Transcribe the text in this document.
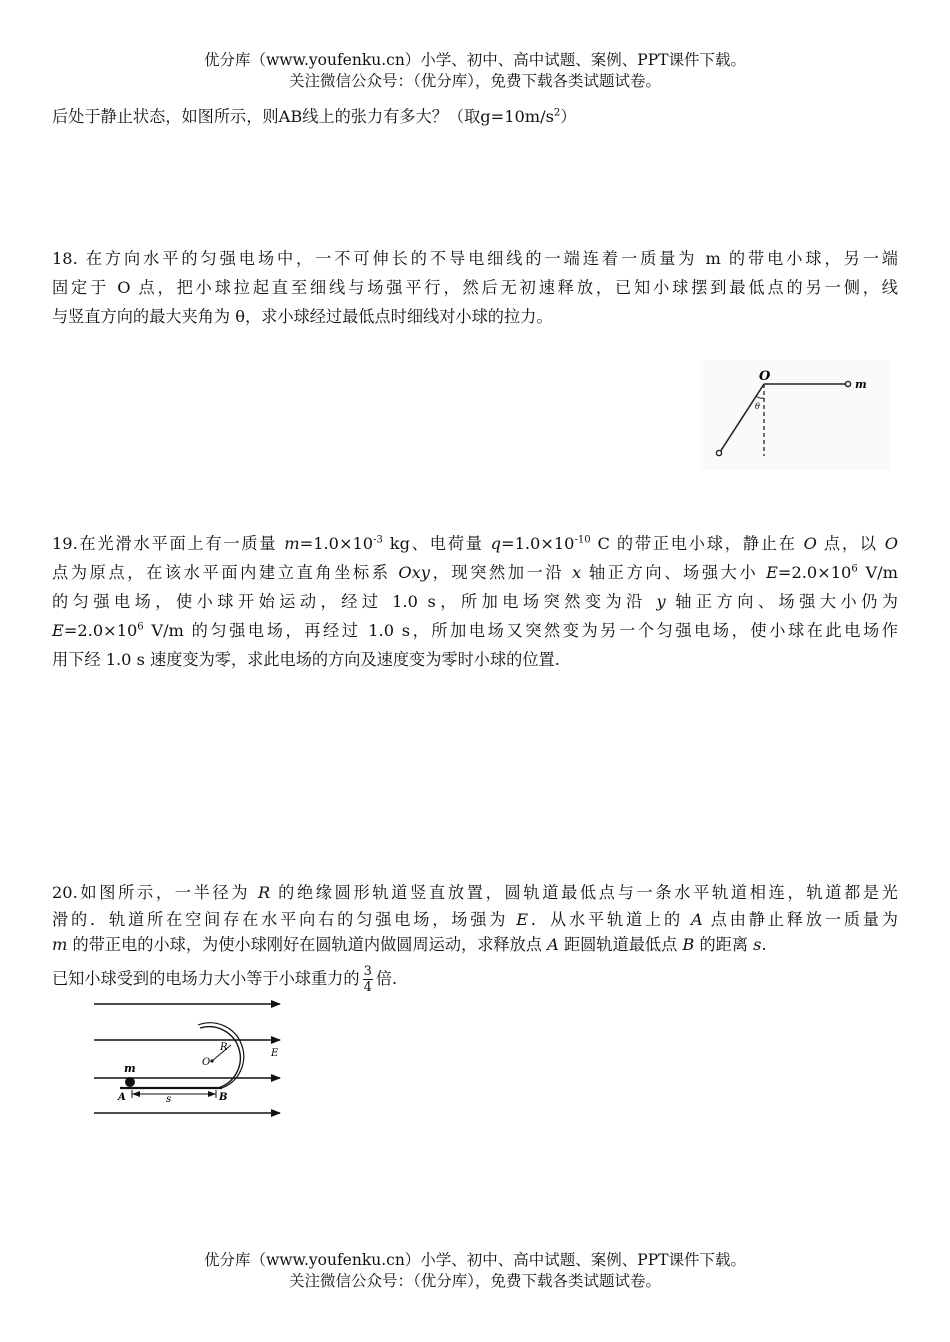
优分库（www.youfenku.cn）小学、初中、高中试题、案例、PPT课件下载。
关注微信公众号：（优分库），免费下载各类试题试卷。
后处于静止状态，如图所示，则AB线上的张力有多大？（取$g=10m/s^2$）
18. 在方向水平的匀强电场中，一不可伸长的不导电细线的一端连着一质量为 m 的带电小球，另一端
固定于 O 点，把小球拉起直至细线与场强平行，然后无初速释放，已知小球摆到最低点的另一侧，线
与竖直方向的最大夹角为 θ，求小球经过最低点时细线对小球的拉力。
O
m
θ
19.在光滑水平面上有一质量 $m=1.0\times 10^{-3}$ kg、电荷量 $q=1.0\times 10^{-10}$ C 的带正电小球，静止在 O 点，以 O
点为原点，在该水平面内建立直角坐标系 Oxy，现突然加一沿 x 轴正方向、场强大小 $E=2.0\times 10^6$ V/m
的匀强电场，使小球开始运动，经过 1.0 s，所加电场突然变为沿 y 轴正方向、场强大小仍为
$E=2.0\times 10^6$ V/m 的匀强电场，再经过 1.0 s，所加电场又突然变为另一个匀强电场，使小球在此电场作
用下经 1.0 s 速度变为零，求此电场的方向及速度变为零时小球的位置.
20.如图所示，一半径为 R 的绝缘圆形轨道竖直放置，圆轨道最低点与一条水平轨道相连，轨道都是光
滑的．轨道所在空间存在水平向右的匀强电场，场强为 E．从水平轨道上的 A 点由静止释放一质量为
m 的带正电的小球，为使小球刚好在圆轨道内做圆周运动，求释放点 A 距圆轨道最低点 B 的距离 s.
已知小球受到的电场力大小等于小球重力的 $\frac{3}{4}$ 倍.
m	O
R
E
A	s	B
优分库（www.youfenku.cn）小学、初中、高中试题、案例、PPT课件下载。
关注微信公众号：（优分库），免费下载各类试题试卷。
